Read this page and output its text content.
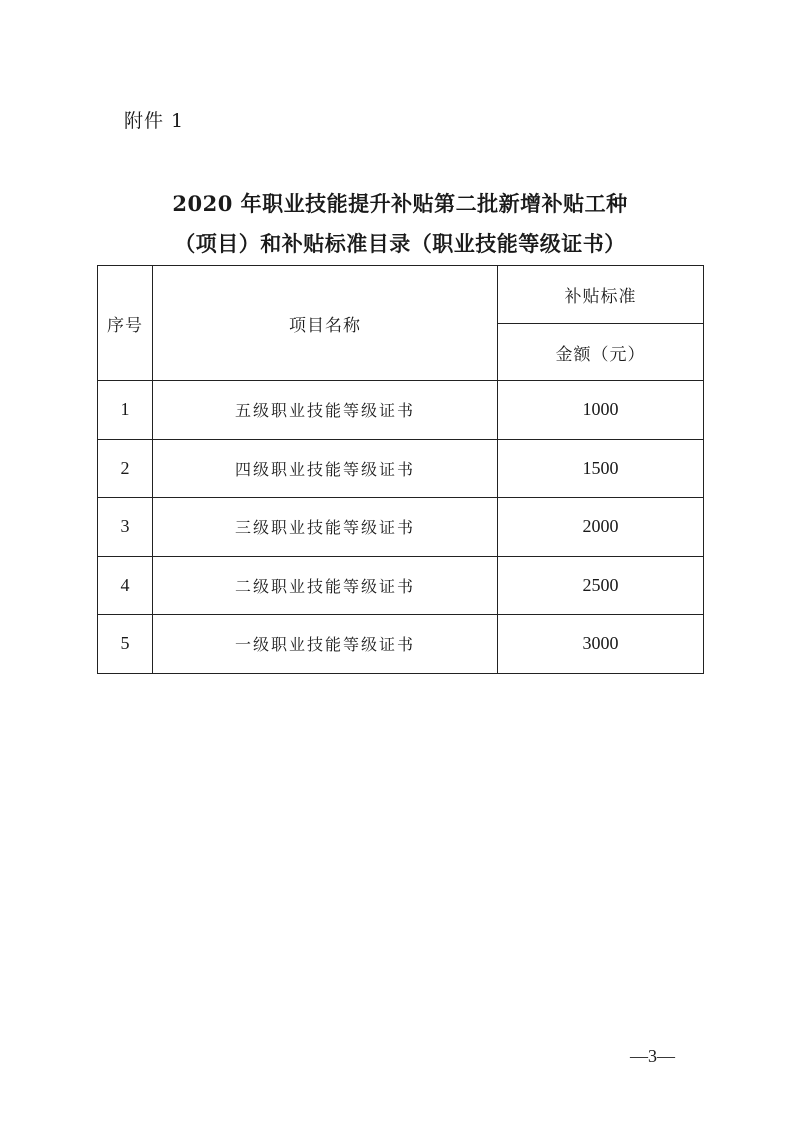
附件 1
2020 年职业技能提升补贴第二批新增补贴工种
（项目）和补贴标准目录（职业技能等级证书）
序号	项目名称	补贴标准
		金额（元）
1	五级职业技能等级证书	1000
2	四级职业技能等级证书	1500
3	三级职业技能等级证书	2000
4	二级职业技能等级证书	2500
5	一级职业技能等级证书	3000
—3—
